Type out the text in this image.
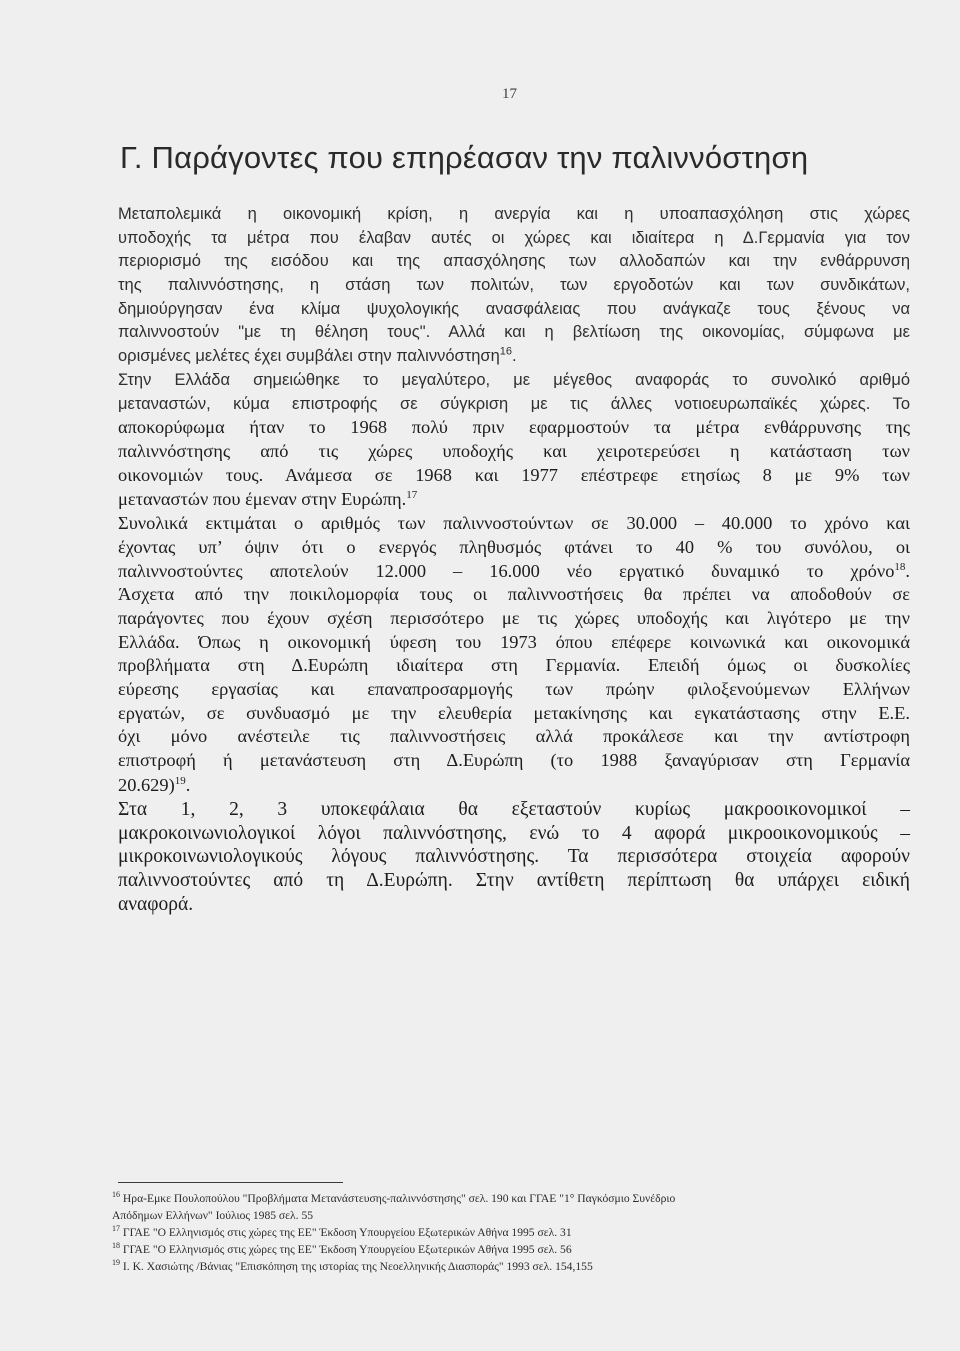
17
Γ. Παράγοντες που επηρέασαν την παλιννόστηση
Μεταπολεμικά η οικονομική κρίση, η ανεργία και η υποαπασχόληση στις χώρες
υποδοχής τα μέτρα που έλαβαν αυτές οι χώρες και ιδιαίτερα η Δ.Γερμανία για τον
περιορισμό της εισόδου και της απασχόλησης των αλλοδαπών και την ενθάρρυνση
της παλιννόστησης, η στάση των πολιτών, των εργοδοτών και των συνδικάτων,
δημιούργησαν ένα κλίμα ψυχολογικής ανασφάλειας που ανάγκαζε τους ξένους να
παλιννοστούν "με τη θέληση τους". Αλλά και η βελτίωση της οικονομίας, σύμφωνα με
ορισμένες μελέτες έχει συμβάλει στην παλιννόστηση$^{16}$.
Στην Ελλάδα σημειώθηκε το μεγαλύτερο, με μέγεθος αναφοράς το συνολικό αριθμό
μεταναστών, κύμα επιστροφής σε σύγκριση με τις άλλες νοτιοευρωπαϊκές χώρες. Το
αποκορύφωμα ήταν το 1968 πολύ πριν εφαρμοστούν τα μέτρα ενθάρρυνσης της
παλιννόστησης από τις χώρες υποδοχής και χειροτερεύσει η κατάσταση των
οικονομιών τους. Ανάμεσα σε 1968 και 1977 επέστρεφε ετησίως 8 με 9% των
μεταναστών που έμεναν στην Ευρώπη.$^{17}$
Συνολικά εκτιμάται ο αριθμός των παλιννοστούντων σε 30.000 – 40.000 το χρόνο και
έχοντας υπ’ όψιν ότι ο ενεργός πληθυσμός φτάνει το 40 % του συνόλου, οι
παλιννοστούντες αποτελούν 12.000 – 16.000 νέο εργατικό δυναμικό το χρόνο$^{18}$.
Άσχετα από την ποικιλομορφία τους οι παλιννοστήσεις θα πρέπει να αποδοθούν σε
παράγοντες που έχουν σχέση περισσότερο με τις χώρες υποδοχής και λιγότερο με την
Ελλάδα. Όπως η οικονομική ύφεση του 1973 όπου επέφερε κοινωνικά και οικονομικά
προβλήματα στη Δ.Ευρώπη ιδιαίτερα στη Γερμανία. Επειδή όμως οι δυσκολίες
εύρεσης εργασίας και επαναπροσαρμογής των πρώην φιλοξενούμενων Ελλήνων
εργατών, σε συνδυασμό με την ελευθερία μετακίνησης και εγκατάστασης στην Ε.Ε.
όχι μόνο ανέστειλε τις παλιννοστήσεις αλλά προκάλεσε και την αντίστροφη
επιστροφή ή μετανάστευση στη Δ.Ευρώπη (το 1988 ξαναγύρισαν στη Γερμανία
20.629)$^{19}$.
Στα 1, 2, 3 υποκεφάλαια θα εξεταστούν κυρίως μακροοικονομικοί –
μακροκοινωνιολογικοί λόγοι παλιννόστησης, ενώ το 4 αφορά μικροοικονομικούς –
μικροκοινωνιολογικούς λόγους παλιννόστησης. Τα περισσότερα στοιχεία αφορούν
παλιννοστούντες από τη Δ.Ευρώπη. Στην αντίθετη περίπτωση θα υπάρχει ειδική
αναφορά.
$^{16}$ Ηρα-Εμκε Πουλοπούλου "Προβλήματα Μετανάστευσης-παλιννόστησης" σελ. 190 και ΓΓΑΕ "1° Παγκόσμιο Συνέδριο
Απόδημων Ελλήνων" Ιούλιος 1985 σελ. 55
$^{17}$ ΓΓΑΕ "Ο Ελληνισμός στις χώρες της ΕΕ" Έκδοση Υπουργείου Εξωτερικών Αθήνα 1995 σελ. 31
$^{18}$ ΓΓΑΕ "Ο Ελληνισμός στις χώρες της ΕΕ" Έκδοση Υπουργείου Εξωτερικών Αθήνα 1995 σελ. 56
$^{19}$ Ι. Κ. Χασιώτης /Βάνιας "Επισκόπηση της ιστορίας της Νεοελληνικής Διασποράς" 1993 σελ. 154,155
